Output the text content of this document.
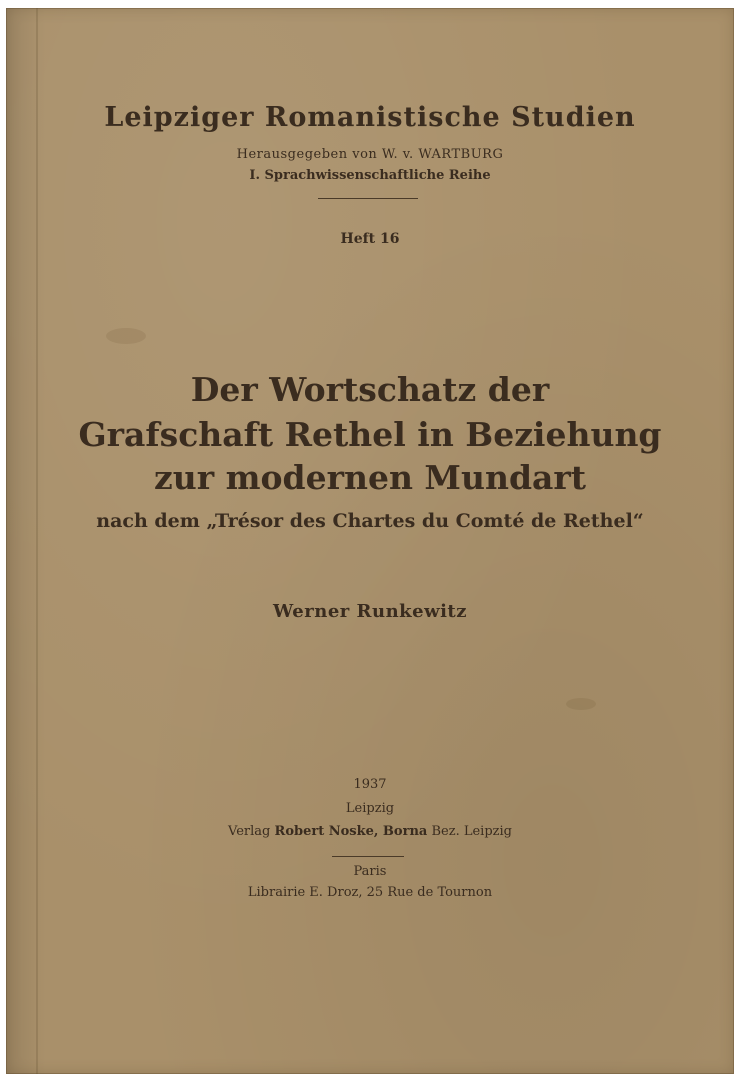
Leipziger Romanistische Studien
Herausgegeben von W. v. WARTBURG
I. Sprachwissenschaftliche Reihe
Heft 16
Der Wortschatz der
Grafschaft Rethel in Beziehung
zur modernen Mundart
nach dem „Trésor des Chartes du Comté de Rethel“
Werner Runkewitz
1937
Leipzig
Verlag Robert Noske, Borna Bez. Leipzig
Paris
Librairie E. Droz, 25 Rue de Tournon
